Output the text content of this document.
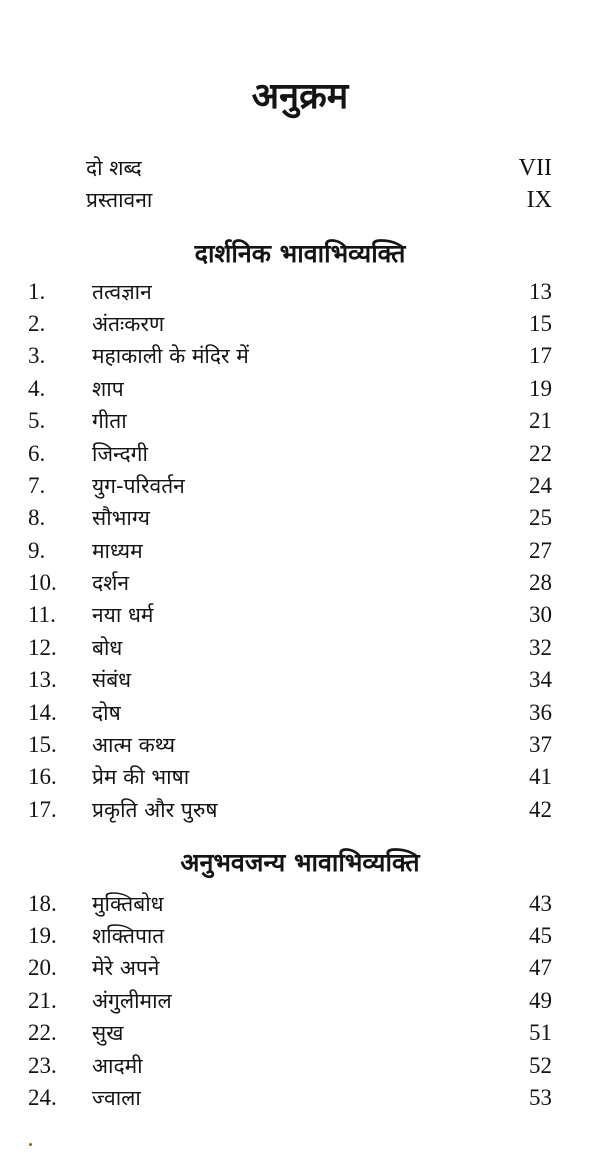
अनुक्रम
दो शब्द	VII
प्रस्तावना	IX
दार्शनिक भावाभिव्यक्ति
1. तत्वज्ञान	13
2. अंतःकरण	15
3. महाकाली के मंदिर में	17
4. शाप	19
5. गीता	21
6. जिन्दगी	22
7. युग-परिवर्तन	24
8. सौभाग्य	25
9. माध्यम	27
10. दर्शन	28
11. नया धर्म	30
12. बोध	32
13. संबंध	34
14. दोष	36
15. आत्म कथ्य	37
16. प्रेम की भाषा	41
17. प्रकृति और पुरुष	42
अनुभवजन्य भावाभिव्यक्ति
18. मुक्तिबोध	43
19. शक्तिपात	45
20. मेरे अपने	47
21. अंगुलीमाल	49
22. सुख	51
23. आदमी	52
24. ज्वाला	53
